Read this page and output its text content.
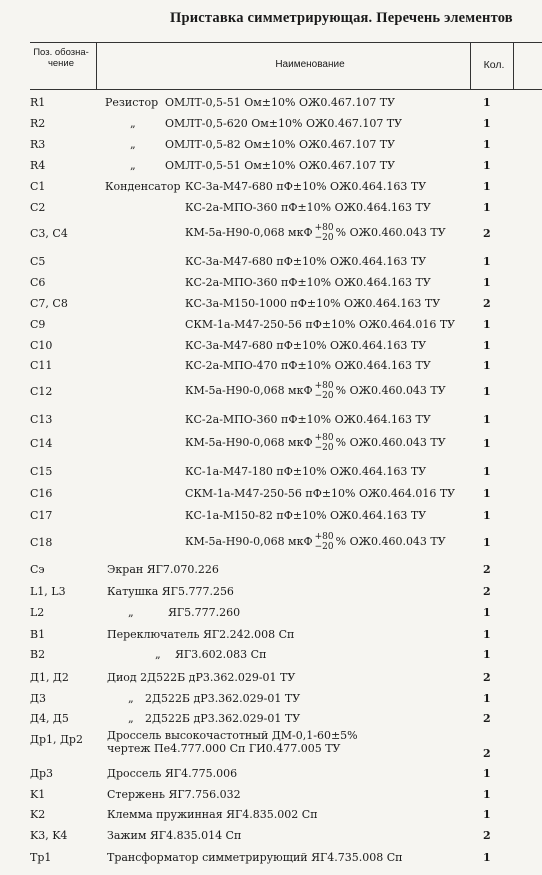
Приставка симметрирующая. Перечень элементов
Поз. обозна-чение	Наименование	Кол.
R1	Резистор ОМЛТ-0,5-51 Ом±10% ОЖ0.467.107 ТУ	1
R2	„	ОМЛТ-0,5-620 Ом±10% ОЖ0.467.107 ТУ	1
R3	„	ОМЛТ-0,5-82 Ом±10% ОЖ0.467.107 ТУ	1
R4	„	ОМЛТ-0,5-51 Ом±10% ОЖ0.467.107 ТУ	1
C1	Конденсатор КС-3а-М47-680 пФ±10% ОЖ0.464.163 ТУ	1
C2	КС-2а-МПО-360 пФ±10% ОЖ0.464.163 ТУ	1
C3, C4	КМ-5а-Н90-0,068 мкФ +80
−20 % ОЖ0.460.043 ТУ	2
C5	КС-3а-М47-680 пФ±10% ОЖ0.464.163 ТУ	1
C6	КС-2а-МПО-360 пФ±10% ОЖ0.464.163 ТУ	1
C7, C8	КС-3а-М150-1000 пФ±10% ОЖ0.464.163 ТУ	2
C9	СКМ-1а-М47-250-56 пФ±10% ОЖ0.464.016 ТУ	1
C10	КС-3а-М47-680 пФ±10% ОЖ0.464.163 ТУ	1
C11	КС-2а-МПО-470 пФ±10% ОЖ0.464.163 ТУ	1
C12	КМ-5а-Н90-0,068 мкФ +80
−20 % ОЖ0.460.043 ТУ	1
C13	КС-2а-МПО-360 пФ±10% ОЖ0.464.163 ТУ	1
C14	КМ-5а-Н90-0,068 мкФ +80
−20 % ОЖ0.460.043 ТУ	1
C15	КС-1а-М47-180 пФ±10% ОЖ0.464.163 ТУ	1
C16	СКМ-1а-М47-250-56 пФ±10% ОЖ0.464.016 ТУ	1
C17	КС-1а-М150-82 пФ±10% ОЖ0.464.163 ТУ	1
C18	КМ-5а-Н90-0,068 мкФ +80
−20 % ОЖ0.460.043 ТУ	1
Сэ	Экран ЯГ7.070.226	2
L1, L3	Катушка ЯГ5.777.256	2
L2	„	ЯГ5.777.260	1
B1	Переключатель ЯГ2.242.008 Сп	1
B2	„ ЯГ3.602.083 Сп	1
Д1, Д2	Диод 2Д522Б дР3.362.029-01 ТУ	2
Д3	„ 2Д522Б дР3.362.029-01 ТУ	1
Д4, Д5	„ 2Д522Б дР3.362.029-01 ТУ	2
Др1, Др2 Дроссель высокочастотный ДМ-0,1-60±5%
чертеж Пе4.777.000 Сп ГИ0.477.005 ТУ	2
Др3	Дроссель ЯГ4.775.006	1
K1	Стержень ЯГ7.756.032	1
K2	Клемма пружинная ЯГ4.835.002 Сп	1
K3, K4	Зажим ЯГ4.835.014 Сп	2
Tp1	Трансформатор симметрирующий ЯГ4.735.008 Сп	1
